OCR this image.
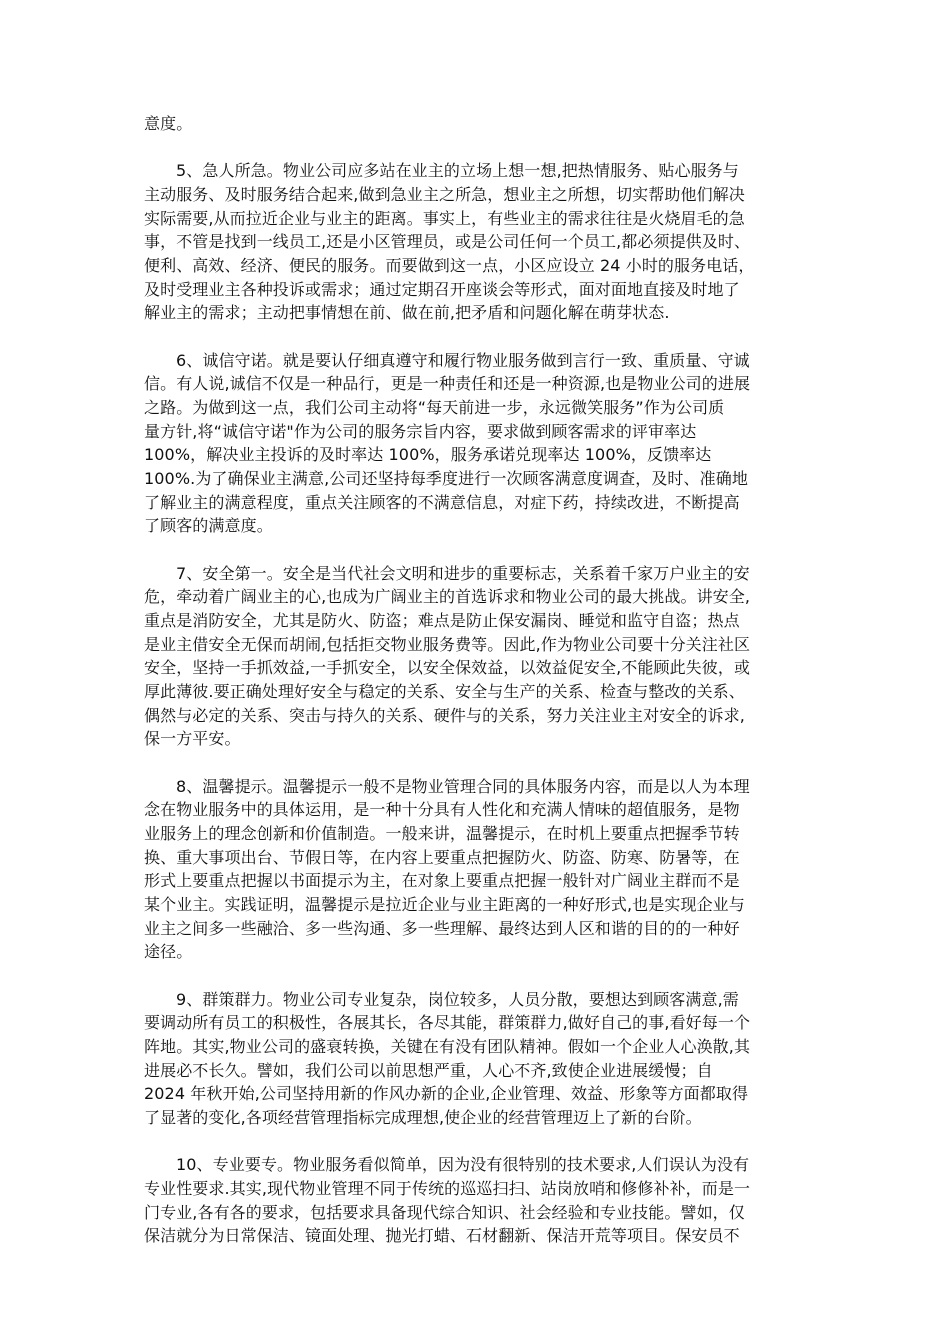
意度。
5、急人所急。物业公司应多站在业主的立场上想一想,把热情服务、贴心服务与
主动服务、及时服务结合起来,做到急业主之所急，想业主之所想，切实帮助他们解决
实际需要,从而拉近企业与业主的距离。事实上，有些业主的需求往往是火烧眉毛的急
事，不管是找到一线员工,还是小区管理员，或是公司任何一个员工,都必须提供及时、
便利、高效、经济、便民的服务。而要做到这一点，小区应设立 24 小时的服务电话，
及时受理业主各种投诉或需求；通过定期召开座谈会等形式，面对面地直接及时地了
解业主的需求；主动把事情想在前、做在前,把矛盾和问题化解在萌芽状态.
6、诚信守诺。就是要认仔细真遵守和履行物业服务做到言行一致、重质量、守诚
信。有人说,诚信不仅是一种品行，更是一种责任和还是一种资源,也是物业公司的进展
之路。为做到这一点，我们公司主动将“每天前进一步，永远微笑服务”作为公司质
量方针,将“诚信守诺"作为公司的服务宗旨内容，要求做到顾客需求的评审率达
100%，解决业主投诉的及时率达 100%，服务承诺兑现率达 100%，反馈率达
100%.为了确保业主满意,公司还坚持每季度进行一次顾客满意度调查，及时、准确地
了解业主的满意程度，重点关注顾客的不满意信息，对症下药，持续改进，不断提高
了顾客的满意度。
7、安全第一。安全是当代社会文明和进步的重要标志，关系着千家万户业主的安
危，牵动着广阔业主的心,也成为广阔业主的首选诉求和物业公司的最大挑战。讲安全,
重点是消防安全，尤其是防火、防盗；难点是防止保安漏岗、睡觉和监守自盗；热点
是业主借安全无保而胡闹,包括拒交物业服务费等。因此,作为物业公司要十分关注社区
安全，坚持一手抓效益,一手抓安全，以安全保效益，以效益促安全,不能顾此失彼，或
厚此薄彼.要正确处理好安全与稳定的关系、安全与生产的关系、检查与整改的关系、
偶然与必定的关系、突击与持久的关系、硬件与的关系，努力关注业主对安全的诉求,
保一方平安。
8、温馨提示。温馨提示一般不是物业管理合同的具体服务内容，而是以人为本理
念在物业服务中的具体运用，是一种十分具有人性化和充满人情味的超值服务，是物
业服务上的理念创新和价值制造。一般来讲，温馨提示，在时机上要重点把握季节转
换、重大事项出台、节假日等，在内容上要重点把握防火、防盗、防寒、防暑等，在
形式上要重点把握以书面提示为主，在对象上要重点把握一般针对广阔业主群而不是
某个业主。实践证明，温馨提示是拉近企业与业主距离的一种好形式,也是实现企业与
业主之间多一些融洽、多一些沟通、多一些理解、最终达到人区和谐的目的的一种好
途径。
9、群策群力。物业公司专业复杂，岗位较多，人员分散，要想达到顾客满意,需
要调动所有员工的积极性，各展其长，各尽其能，群策群力,做好自己的事,看好每一个
阵地。其实,物业公司的盛衰转换，关键在有没有团队精神。假如一个企业人心涣散,其
进展必不长久。譬如，我们公司以前思想严重，人心不齐,致使企业进展缓慢；自
2024 年秋开始,公司坚持用新的作风办新的企业,企业管理、效益、形象等方面都取得
了显著的变化,各项经营管理指标完成理想,使企业的经营管理迈上了新的台阶。
10、专业要专。物业服务看似简单，因为没有很特别的技术要求,人们误认为没有
专业性要求.其实,现代物业管理不同于传统的巡巡扫扫、站岗放哨和修修补补，而是一
门专业,各有各的要求，包括要求具备现代综合知识、社会经验和专业技能。譬如，仅
保洁就分为日常保洁、镜面处理、抛光打蜡、石材翻新、保洁开荒等项目。保安员不
